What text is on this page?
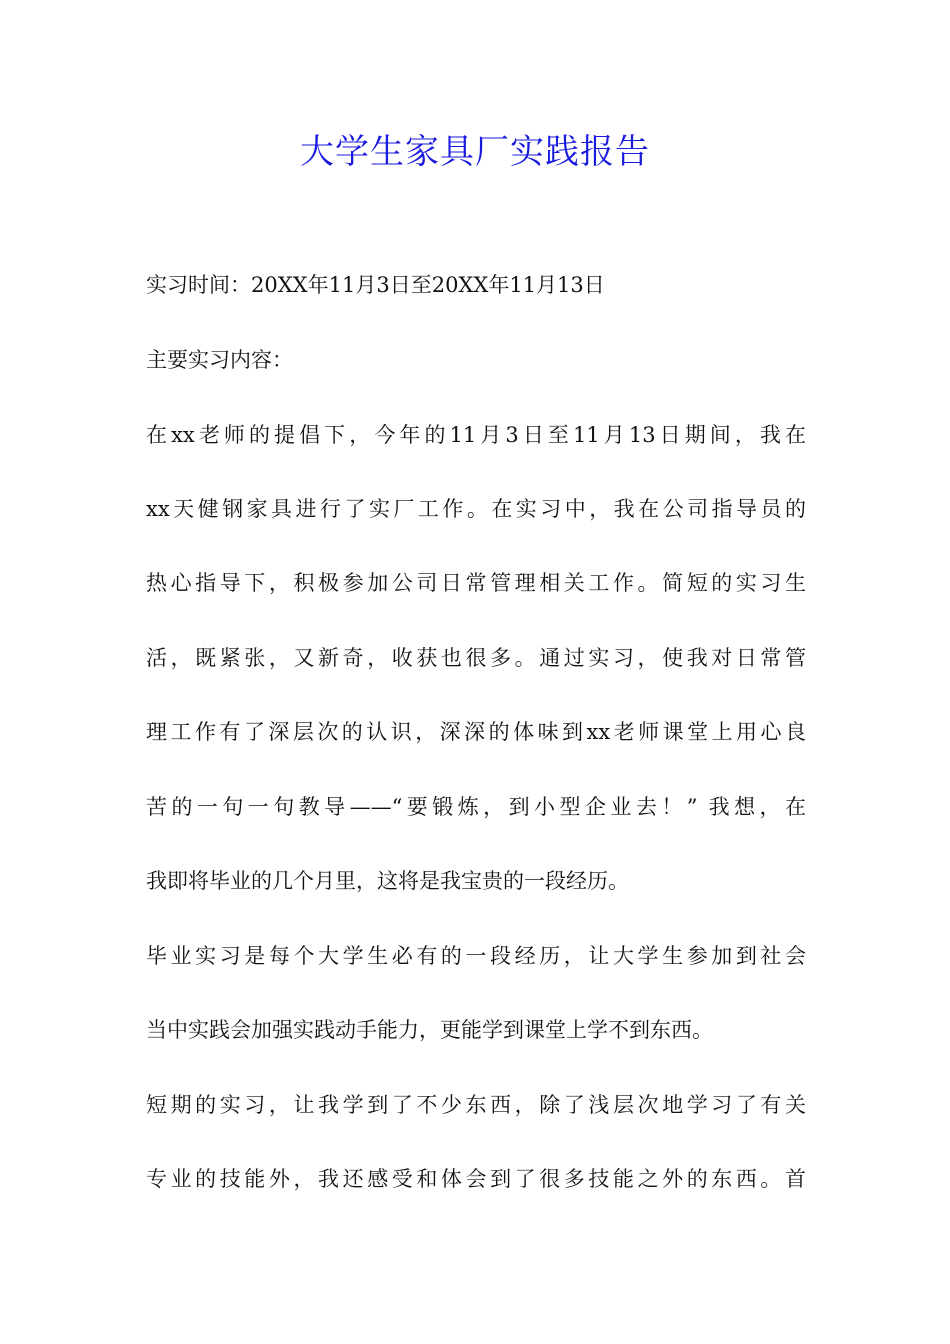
大学生家具厂实践报告
实习时间：20XX年11月3日至20XX年11月13日
主要实习内容：
在xx老师的提倡下，今年的11月3日至11月13日期间，我在
xx天健钢家具进行了实厂工作。在实习中，我在公司指导员的
热心指导下，积极参加公司日常管理相关工作。简短的实习生
活，既紧张，又新奇，收获也很多。通过实习，使我对日常管
理工作有了深层次的认识，深深的体味到xx老师课堂上用心良
苦的一句一句教导——“要锻炼，到小型企业去！” 我想，在
我即将毕业的几个月里，这将是我宝贵的一段经历。
毕业实习是每个大学生必有的一段经历，让大学生参加到社会
当中实践会加强实践动手能力，更能学到课堂上学不到东西。
短期的实习，让我学到了不少东西，除了浅层次地学习了有关
专业的技能外，我还感受和体会到了很多技能之外的东西。首
